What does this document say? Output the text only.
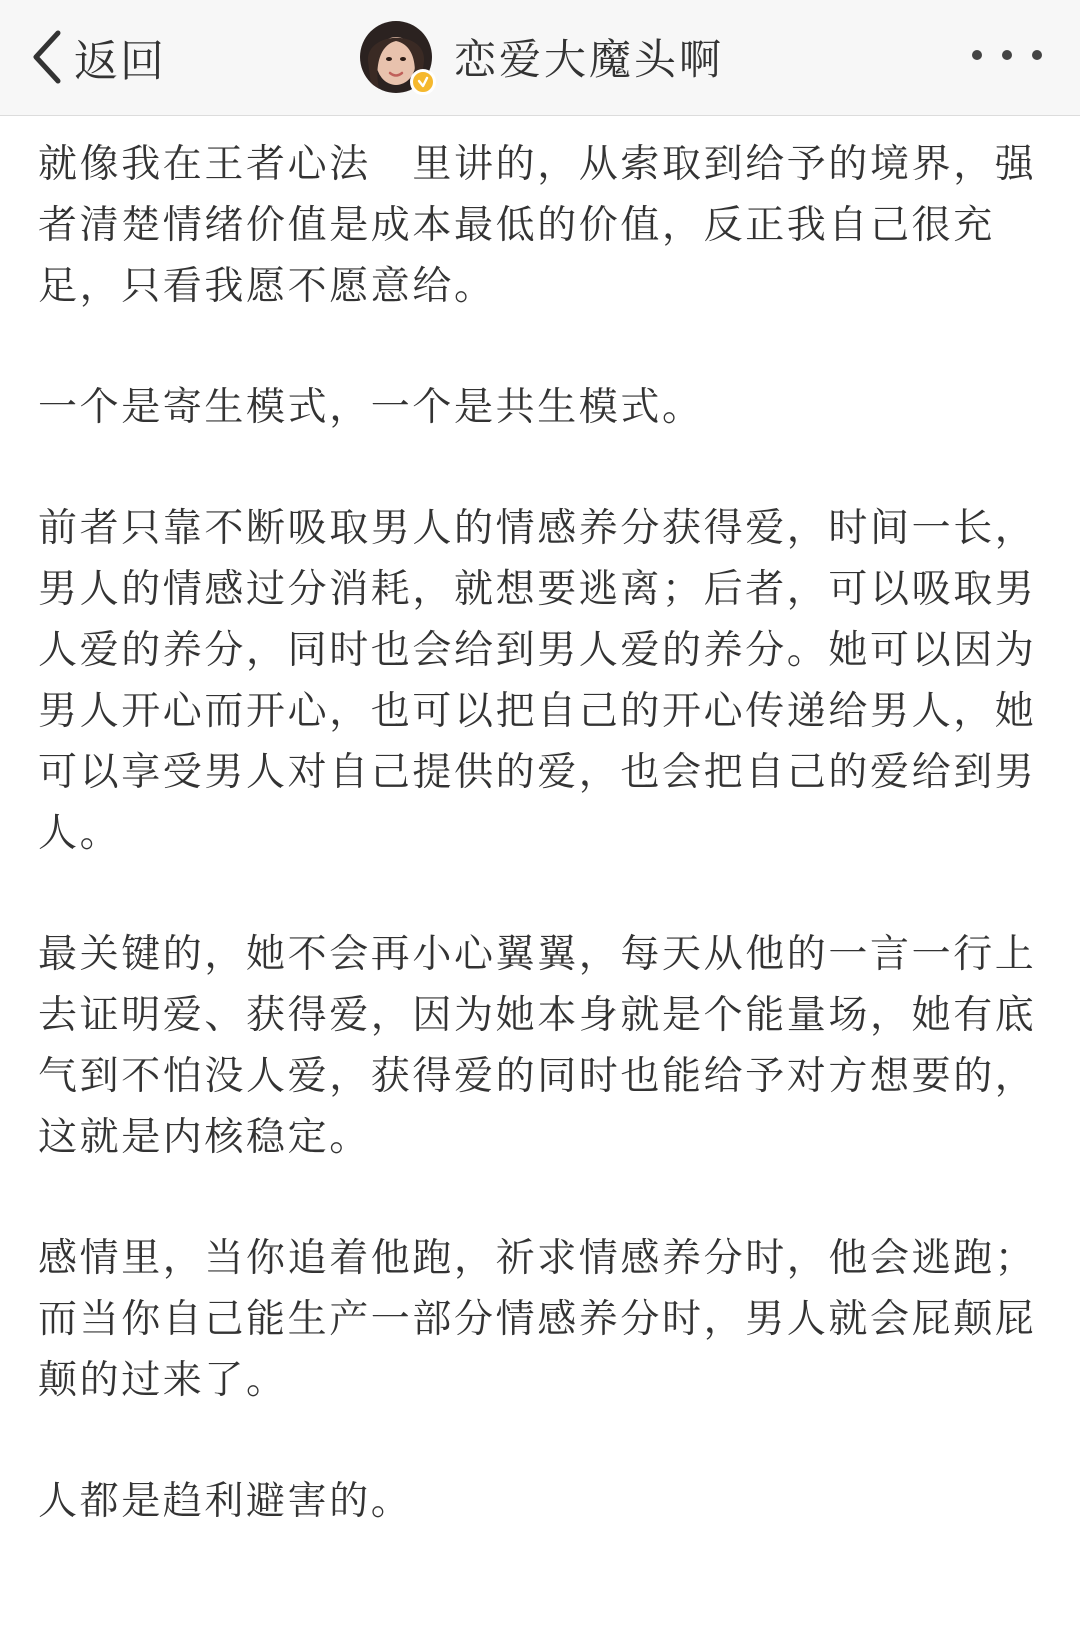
返回	恋爱大魔头啊

就像我在王者心法　里讲的，从索取到给予的境界，强者清楚情绪价值是成本最低的价值，反正我自己很充足，只看我愿不愿意给。

一个是寄生模式，一个是共生模式。

前者只靠不断吸取男人的情感养分获得爱，时间一长，男人的情感过分消耗，就想要逃离；后者，可以吸取男人爱的养分，同时也会给到男人爱的养分。她可以因为男人开心而开心，也可以把自己的开心传递给男人，她可以享受男人对自己提供的爱，也会把自己的爱给到男人。

最关键的，她不会再小心翼翼，每天从他的一言一行上去证明爱、获得爱，因为她本身就是个能量场，她有底气到不怕没人爱，获得爱的同时也能给予对方想要的，这就是内核稳定。

感情里，当你追着他跑，祈求情感养分时，他会逃跑；而当你自己能生产一部分情感养分时，男人就会屁颠屁颠的过来了。

人都是趋利避害的。
